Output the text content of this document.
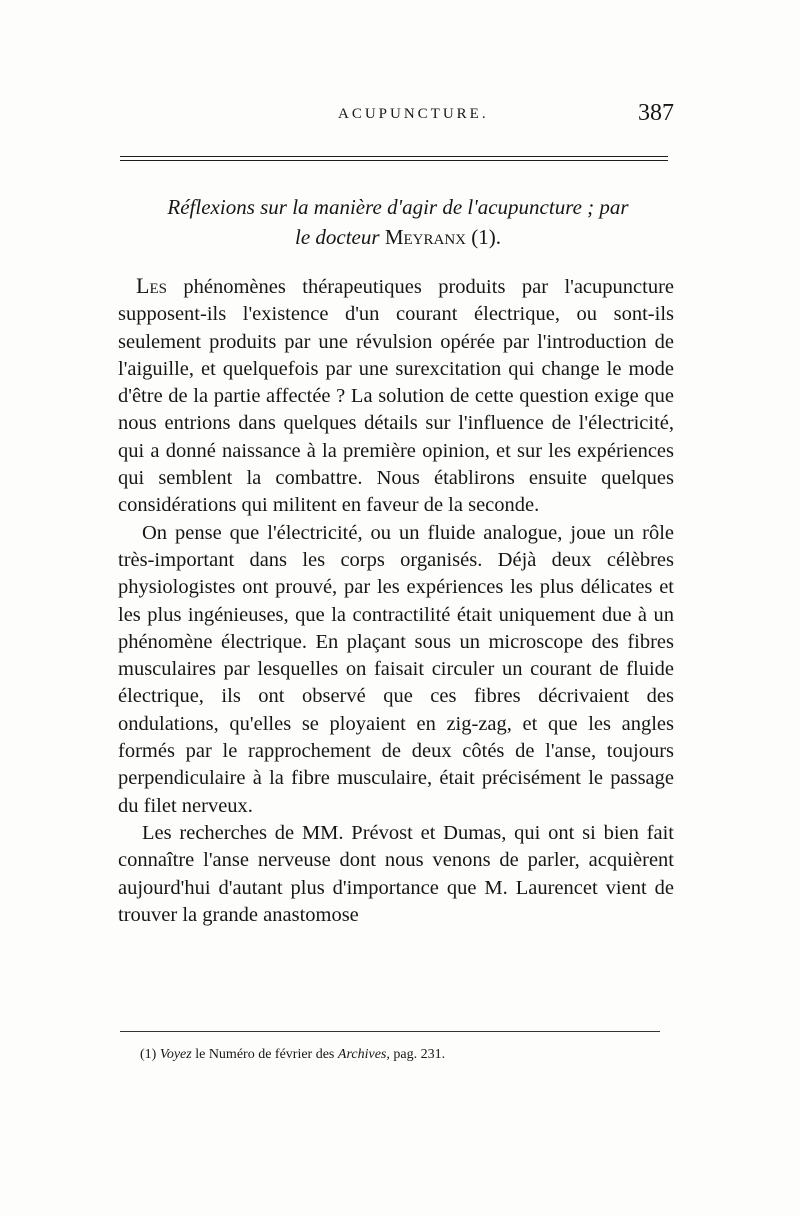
ACUPUNCTURE.	387
Réflexions sur la manière d'agir de l'acupuncture ; par
le docteur Meyranx (1).

Les phénomènes thérapeutiques produits par l'acupuncture supposent-ils l'existence d'un courant électrique, ou sont-ils seulement produits par une révulsion opérée par l'introduction de l'aiguille, et quelquefois par une surexcitation qui change le mode d'être de la partie affectée ? La solution de cette question exige que nous entrions dans quelques détails sur l'influence de l'électricité, qui a donné naissance à la première opinion, et sur les expériences qui semblent la combattre. Nous établirons ensuite quelques considérations qui militent en faveur de la seconde.

On pense que l'électricité, ou un fluide analogue, joue un rôle très-important dans les corps organisés. Déjà deux célèbres physiologistes ont prouvé, par les expériences les plus délicates et les plus ingénieuses, que la contractilité était uniquement due à un phénomène électrique. En plaçant sous un microscope des fibres musculaires par lesquelles on faisait circuler un courant de fluide électrique, ils ont observé que ces fibres décrivaient des ondulations, qu'elles se ployaient en zig-zag, et que les angles formés par le rapprochement de deux côtés de l'anse, toujours perpendiculaire à la fibre musculaire, était précisément le passage du filet nerveux.

Les recherches de MM. Prévost et Dumas, qui ont si bien fait connaître l'anse nerveuse dont nous venons de parler, acquièrent aujourd'hui d'autant plus d'importance que M. Laurencet vient de trouver la grande anastomose

(1) Voyez le Numéro de février des Archives, pag. 231.
